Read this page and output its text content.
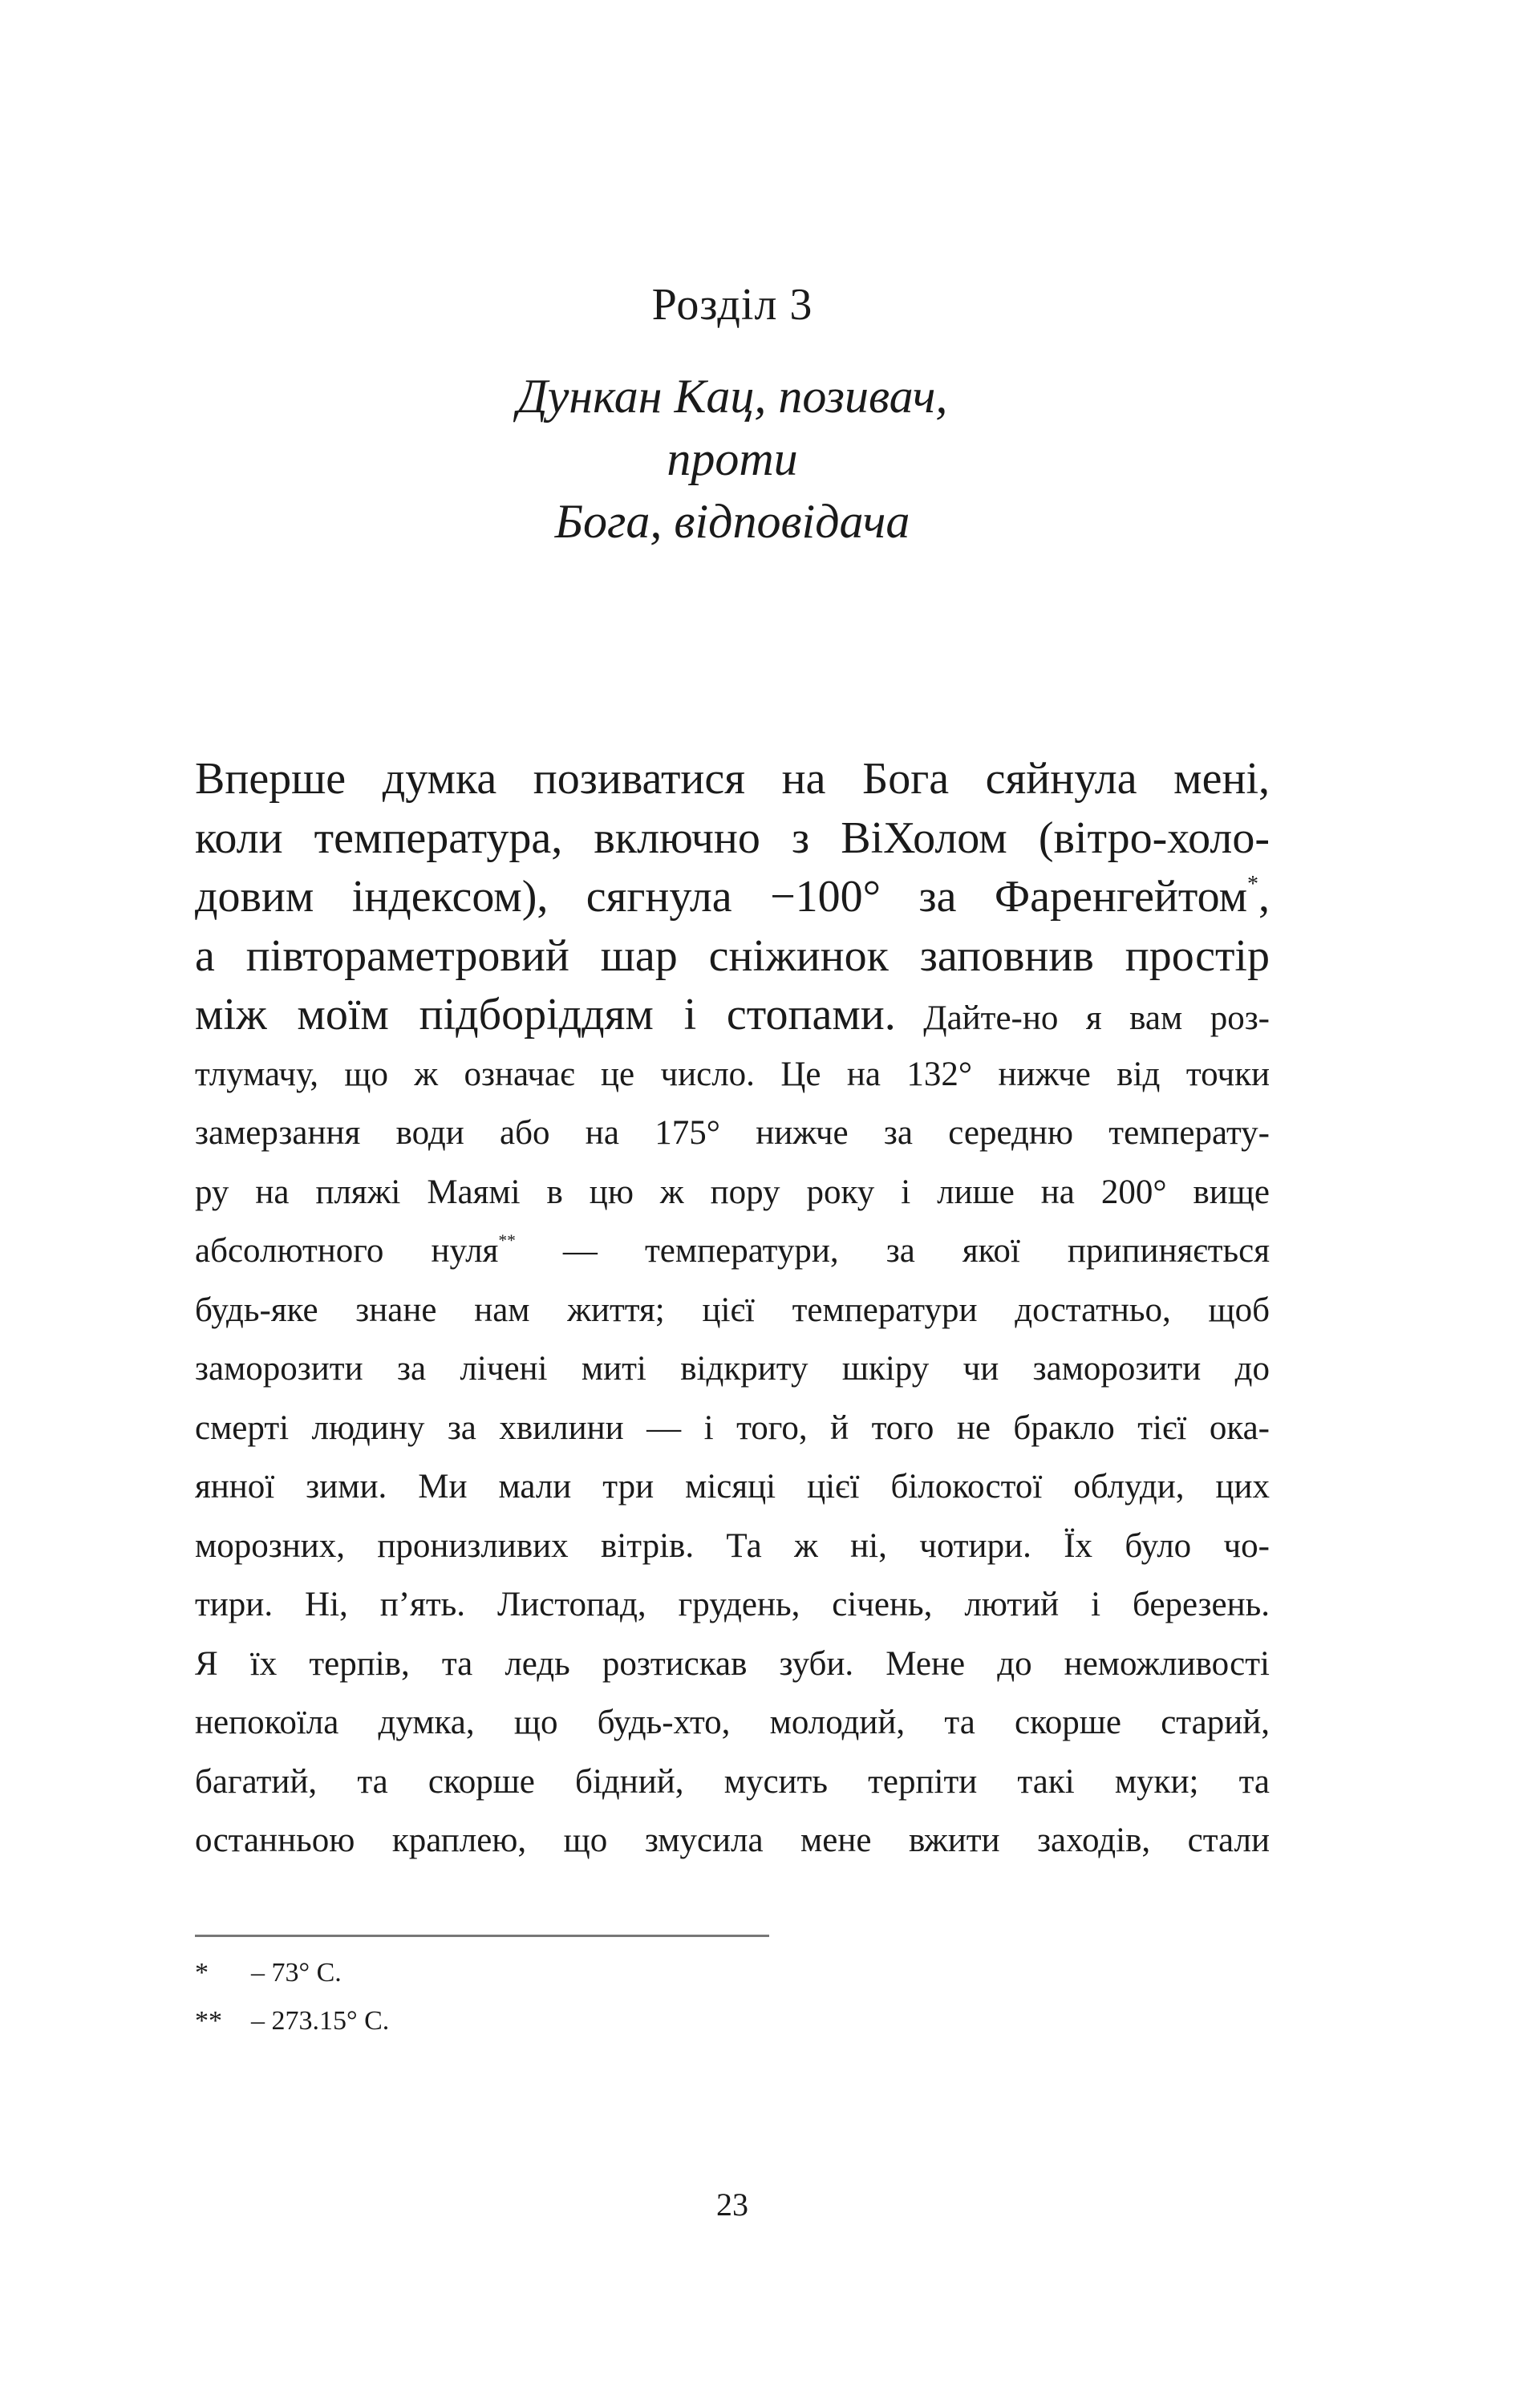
Розділ 3
Дункан Кац, позивач,
проти
Бога, відповідача
Вперше думка позиватися на Бога сяйнула мені,
коли температура, включно з ВіХолом (вітро-холо-
довим індексом), сягнула −100° за Фаренгейтом*,
а півтораметровий шар сніжинок заповнив простір
між моїм підборіддям і стопами. Дайте-но я вам роз-
тлумачу, що ж означає це число. Це на 132° нижче від точки
замерзання води або на 175° нижче за середню температу-
ру на пляжі Маямі в цю ж пору року і лише на 200° вище
абсолютного нуля** — температури, за якої припиняється
будь-яке знане нам життя; цієї температури достатньо, щоб
заморозити за лічені миті відкриту шкіру чи заморозити до
смерті людину за хвилини — і того, й того не бракло тієї ока-
янної зими. Ми мали три місяці цієї білокостої облуди, цих
морозних, пронизливих вітрів. Та ж ні, чотири. Їх було чо-
тири. Ні, п’ять. Листопад, грудень, січень, лютий і березень.
Я їх терпів, та ледь розтискав зуби. Мене до неможливості
непокоїла думка, що будь-хто, молодий, та скорше старий,
багатий, та скорше бідний, мусить терпіти такі муки; та
останньою краплею, що змусила мене вжити заходів, стали
* – 73° C.
** – 273.15° C.
23
